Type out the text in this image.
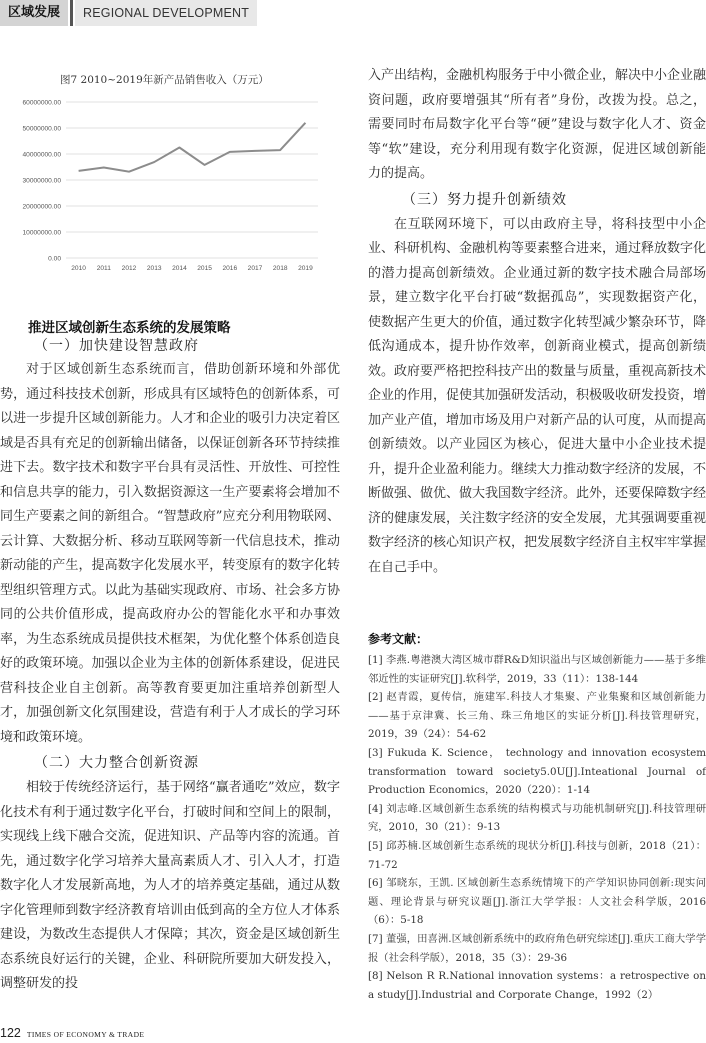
区域发展	REGIONAL DEVELOPMENT
图7 2010~2019年新产品销售收入（万元）
0.00
10000000.00
20000000.00
30000000.00
40000000.00
50000000.00
60000000.00
2010 2011 2012 2013 2014 2015 2016 2017 2018 2019
推进区域创新生态系统的发展策略
（一）加快建设智慧政府

对于区域创新生态系统而言，借助创新环境和外部优势，通过科技技术创新，形成具有区域特色的创新体系，可以进一步提升区域创新能力。人才和企业的吸引力决定着区域是否具有充足的创新输出储备，以保证创新各环节持续推进下去。数字技术和数字平台具有灵活性、开放性、可控性和信息共享的能力，引入数据资源这一生产要素将会增加不同生产要素之间的新组合。“智慧政府”应充分利用物联网、云计算、大数据分析、移动互联网等新一代信息技术，推动新动能的产生，提高数字化发展水平，转变原有的数字化转型组织管理方式。以此为基础实现政府、市场、社会多方协同的公共价值形成，提高政府办公的智能化水平和办事效率，为生态系统成员提供技术框架，为优化整个体系创造良好的政策环境。加强以企业为主体的创新体系建设，促进民营科技企业自主创新。高等教育要更加注重培养创新型人才，加强创新文化氛围建设，营造有利于人才成长的学习环境和政策环境。

（二）大力整合创新资源

相较于传统经济运行，基于网络“赢者通吃”效应，数字化技术有利于通过数字化平台，打破时间和空间上的限制，实现线上线下融合交流，促进知识、产品等内容的流通。首先，通过数字化学习培养大量高素质人才、引入人才，打造数字化人才发展新高地，为人才的培养奠定基础，通过从数字化管理师到数字经济教育培训由低到高的全方位人才体系建设，为数改生态提供人才保障；其次，资金是区域创新生态系统良好运行的关键，企业、科研院所要加大研发投入，调整研发的投

入产出结构，金融机构服务于中小微企业，解决中小企业融资问题，政府要增强其“所有者”身份，改拨为投。总之，需要同时布局数字化平台等“硬”建设与数字化人才、资金等“软”建设，充分利用现有数字化资源，促进区域创新能力的提高。

（三）努力提升创新绩效

在互联网环境下，可以由政府主导，将科技型中小企业、科研机构、金融机构等要素整合进来，通过释放数字化的潜力提高创新绩效。企业通过新的数字技术融合局部场景，建立数字化平台打破“数据孤岛”，实现数据资产化，使数据产生更大的价值，通过数字化转型减少繁杂环节，降低沟通成本，提升协作效率，创新商业模式，提高创新绩效。政府要严格把控科技产出的数量与质量，重视高新技术企业的作用，促使其加强研发活动，积极吸收研发投资，增加产业产值，增加市场及用户对新产品的认可度，从而提高创新绩效。以产业园区为核心，促进大量中小企业技术提升，提升企业盈利能力。继续大力推动数字经济的发展，不断做强、做优、做大我国数字经济。此外，还要保障数字经济的健康发展，关注数字经济的安全发展，尤其强调要重视数字经济的核心知识产权，把发展数字经济自主权牢牢掌握在自己手中。

参考文献：
[1] 李燕.粤港澳大湾区城市群R&D知识溢出与区域创新能力——基于多维邻近性的实证研究[J].软科学，2019，33（11）：138-144
[2] 赵青霞，夏传信，施建军.科技人才集聚、产业集聚和区域创新能力——基于京津冀、长三角、珠三角地区的实证分析[J].科技管理研究，2019，39（24）：54-62
[3] Fukuda K. Science， technology and innovation ecosystem transformation toward society5.0U[J].Inteational Journal of Production Economics，2020（220）：1-14
[4] 刘志峰.区域创新生态系统的结构模式与功能机制研究[J].科技管理研究，2010，30（21）：9-13
[5] 邱苏楠.区域创新生态系统的现状分析[J].科技与创新，2018（21）：71-72
[6] 邹晓东，王凯. 区域创新生态系统情境下的产学知识协同创新:现实问题、理论背景与研究议题[J].浙江大学学报：人文社会科学版，2016（6）：5-18
[7] 董强，田喜洲.区域创新系统中的政府角色研究综述[J].重庆工商大学学报（社会科学版），2018，35（3）：29-36
[8] Nelson R R.National innovation systems：a retrospective on a study[J].Industrial and Corporate Change，1992（2）
122 TIMES OF ECONOMY & TRADE
